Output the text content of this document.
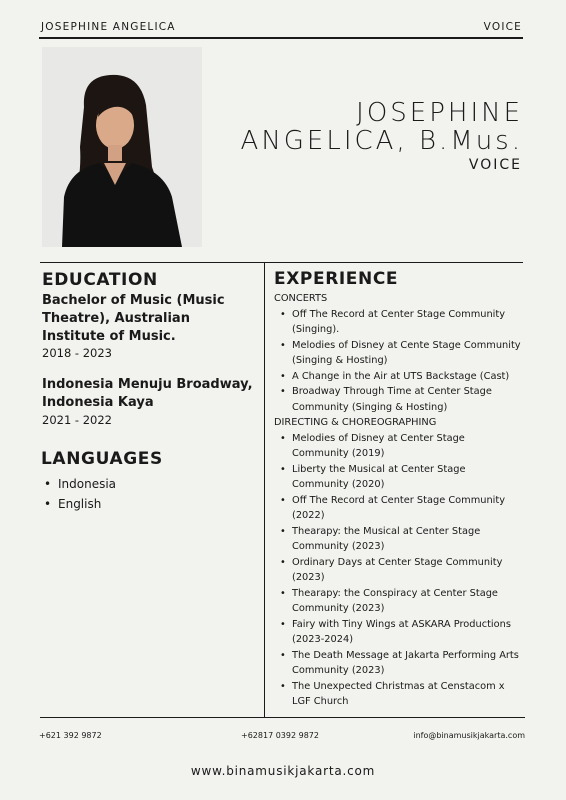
JOSEPHINE ANGELICA	VOICE
JOSEPHINE
ANGELICA, B.Mus.
VOICE
EDUCATION
Bachelor of Music (Music Theatre), Australian Institute of Music.
2018 - 2023
Indonesia Menuju Broadway, Indonesia Kaya
2021 - 2022
LANGUAGES
• Indonesia
• English
EXPERIENCE
CONCERTS
• Off The Record at Center Stage Community (Singing).
• Melodies of Disney at Cente Stage Community (Singing & Hosting)
• A Change in the Air at UTS Backstage (Cast)
• Broadway Through Time at Center Stage Community (Singing & Hosting)
DIRECTING & CHOREOGRAPHING
• Melodies of Disney at Center Stage Community (2019)
• Liberty the Musical at Center Stage Community (2020)
• Off The Record at Center Stage Community (2022)
• Thearapy: the Musical at Center Stage Community (2023)
• Ordinary Days at Center Stage Community (2023)
• Thearapy: the Conspiracy at Center Stage Community (2023)
• Fairy with Tiny Wings at ASKARA Productions (2023-2024)
• The Death Message at Jakarta Performing Arts Community (2023)
• The Unexpected Christmas at Censtacom x LGF Church
+621 392 9872	+62817 0392 9872	info@binamusikjakarta.com
www.binamusikjakarta.com
